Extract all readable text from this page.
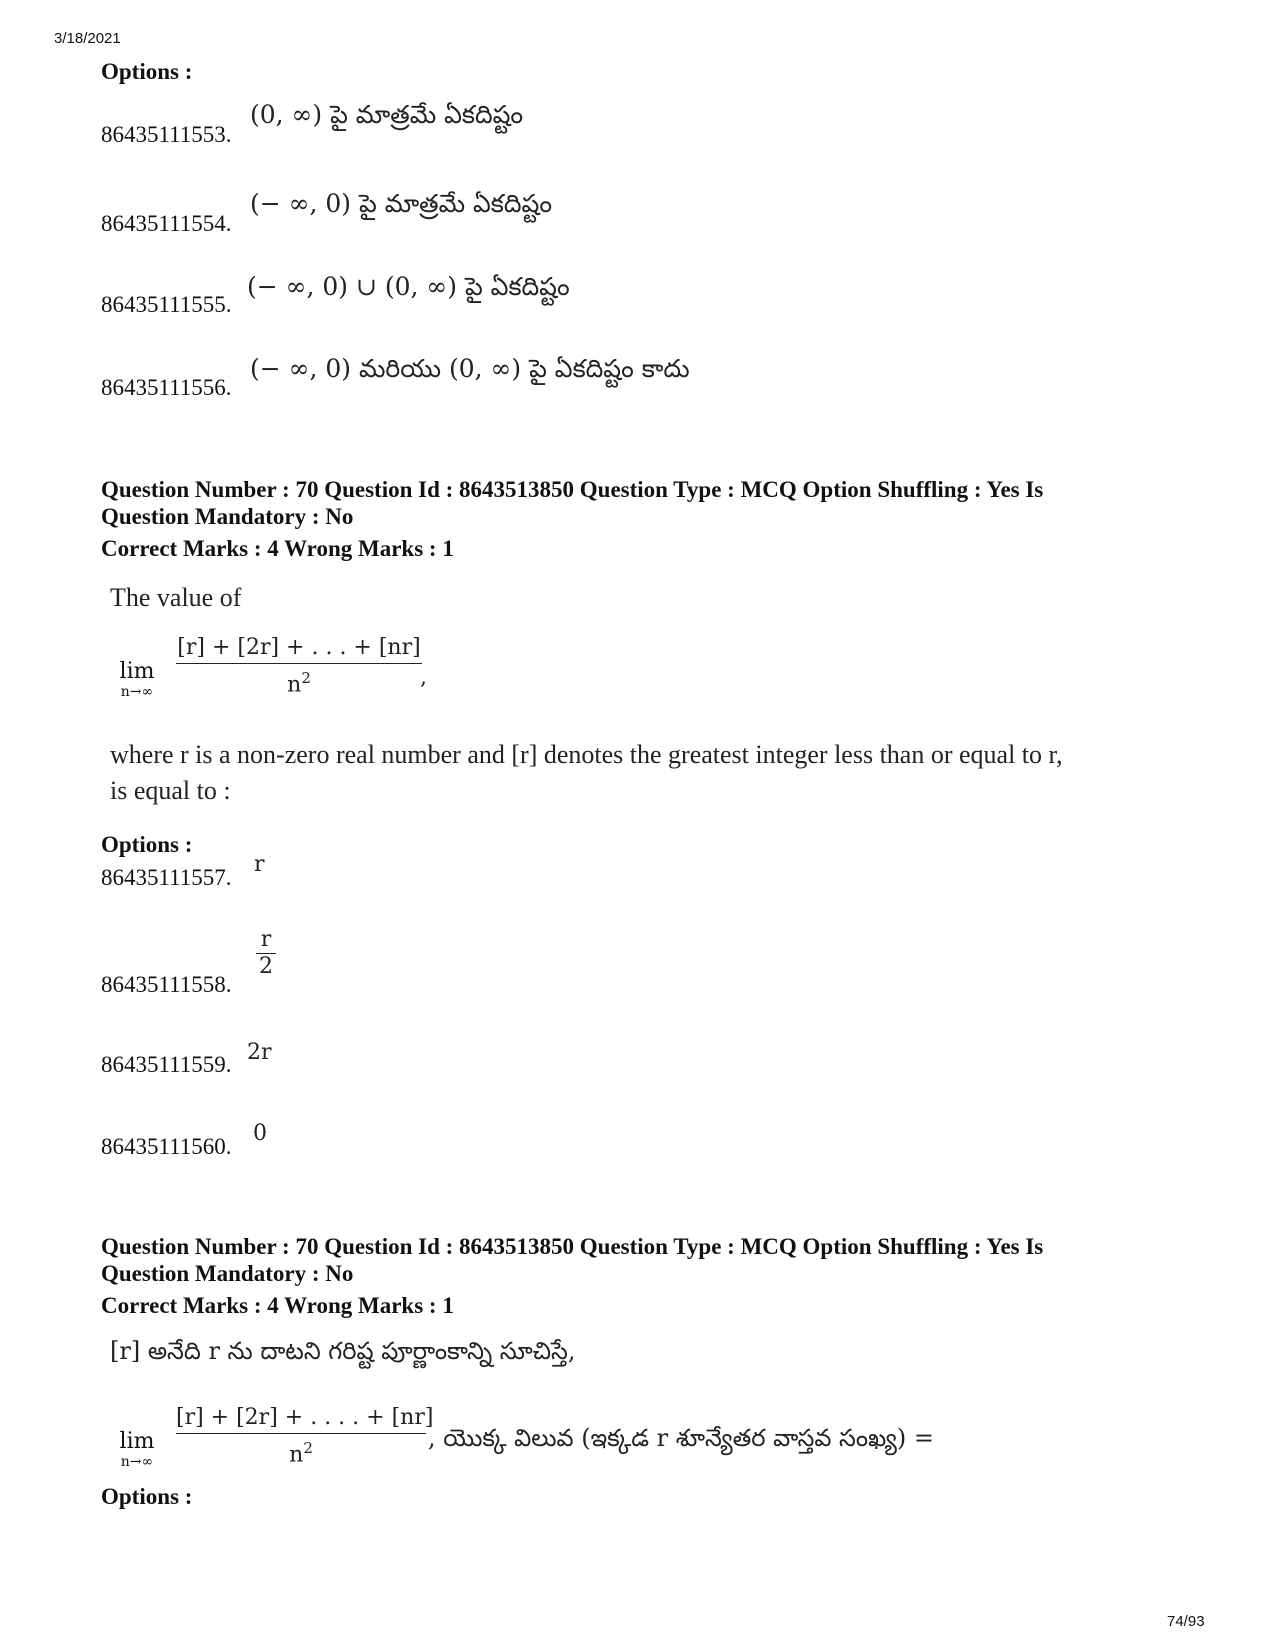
3/18/2021
Options :
86435111553.
(0, ∞) పై మాత్రమే ఏకదిష్టం
86435111554.
(− ∞, 0) పై మాత్రమే ఏకదిష్టం
86435111555.
(− ∞, 0) ∪ (0, ∞) పై ఏకదిష్టం
86435111556.
(− ∞, 0) మరియు (0, ∞) పై ఏకదిష్టం కాదు
Question Number : 70 Question Id : 8643513850 Question Type : MCQ Option Shuffling : Yes Is
Question Mandatory : No
Correct Marks : 4 Wrong Marks : 1
The value of
lim
n→∞
[r] + [2r] + . . . + [nr]
$n^2$	,
where r is a non-zero real number and [r] denotes the greatest integer less than or equal to r,
is equal to :
Options :
86435111557.
r
86435111558.
r
2
86435111559. 2r
86435111560.
0
Question Number : 70 Question Id : 8643513850 Question Type : MCQ Option Shuffling : Yes Is
Question Mandatory : No
Correct Marks : 4 Wrong Marks : 1
[r] అనేది r ను దాటని గరిష్ట పూర్ణాంకాన్ని సూచిస్తే,
lim
n→∞
[r] + [2r] + . . . . + [nr]
$n^2$	, యొక్క విలువ (ఇక్కడ r శూన్యేతర వాస్తవ సంఖ్య) =
Options :
74/93
